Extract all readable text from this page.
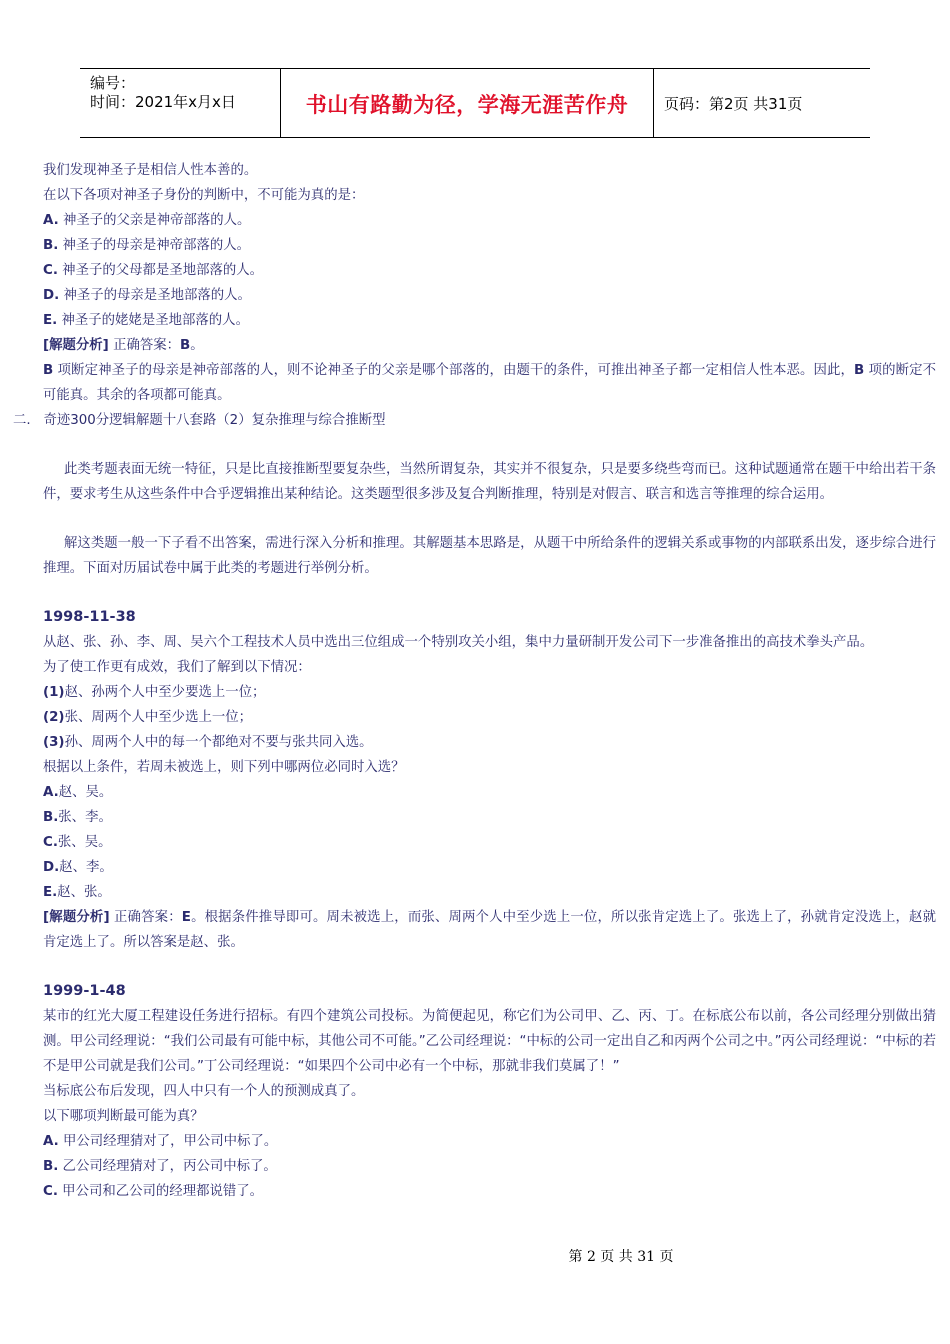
编号：
时间：2021年x月x日	书山有路勤为径，学海无涯苦作舟	页码：第2页 共31页

我们发现神圣子是相信人性本善的。

在以下各项对神圣子身份的判断中，不可能为真的是：

A. 神圣子的父亲是神帝部落的人。

B. 神圣子的母亲是神帝部落的人。

C. 神圣子的父母都是圣地部落的人。

D. 神圣子的母亲是圣地部落的人。

E. 神圣子的姥姥是圣地部落的人。

[解题分析] 正确答案：B。

B 项断定神圣子的母亲是神帝部落的人，则不论神圣子的父亲是哪个部落的，由题干的条件，可推出神圣子都一定相信人性本恶。因此，B 项的断定不可能真。其余的各项都可能真。

二. 奇迹300分逻辑解题十八套路（2）复杂推理与综合推断型

此类考题表面无统一特征，只是比直接推断型要复杂些，当然所谓复杂，其实并不很复杂，只是要多绕些弯而已。这种试题通常在题干中给出若干条件，要求考生从这些条件中合乎逻辑推出某种结论。这类题型很多涉及复合判断推理，特别是对假言、联言和选言等推理的综合运用。

解这类题一般一下子看不出答案，需进行深入分析和推理。其解题基本思路是，从题干中所给条件的逻辑关系或事物的内部联系出发，逐步综合进行推理。下面对历届试卷中属于此类的考题进行举例分析。

1998-11-38

从赵、张、孙、李、周、吴六个工程技术人员中选出三位组成一个特别攻关小组，集中力量研制开发公司下一步准备推出的高技术拳头产品。

为了使工作更有成效，我们了解到以下情况：

(1)赵、孙两个人中至少要选上一位；

(2)张、周两个人中至少选上一位；

(3)孙、周两个人中的每一个都绝对不要与张共同入选。

根据以上条件，若周未被选上，则下列中哪两位必同时入选？

A.赵、吴。

B.张、李。

C.张、吴。

D.赵、李。

E.赵、张。

[解题分析] 正确答案：E。根据条件推导即可。周未被选上，而张、周两个人中至少选上一位，所以张肯定选上了。张选上了，孙就肯定没选上，赵就肯定选上了。所以答案是赵、张。

1999-1-48

某市的红光大厦工程建设任务进行招标。有四个建筑公司投标。为简便起见，称它们为公司甲、乙、丙、丁。在标底公布以前，各公司经理分别做出猜测。甲公司经理说：“我们公司最有可能中标，其他公司不可能。”乙公司经理说：“中标的公司一定出自乙和丙两个公司之中。”丙公司经理说：“中标的若不是甲公司就是我们公司。”丁公司经理说：“如果四个公司中必有一个中标，那就非我们莫属了！”

当标底公布后发现，四人中只有一个人的预测成真了。

以下哪项判断最可能为真？

A. 甲公司经理猜对了，甲公司中标了。

B. 乙公司经理猜对了，丙公司中标了。

C. 甲公司和乙公司的经理都说错了。

第 2 页 共 31 页
